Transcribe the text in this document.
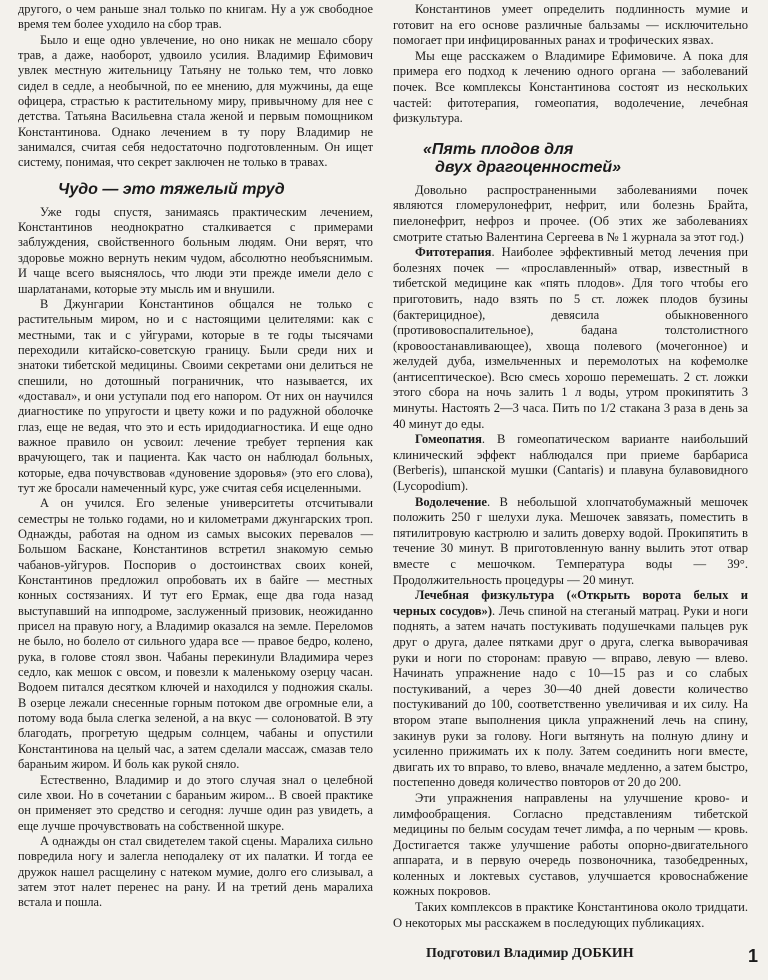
другого, о чем раньше знал только по книгам. Ну а уж свободное время тем более уходило на сбор трав.

Было и еще одно увлечение, но оно никак не мешало сбору трав, а даже, наоборот, удвоило усилия. Владимир Ефимович увлек местную жительницу Татьяну не только тем, что ловко сидел в седле, а необычной, по ее мнению, для мужчины, да еще офицера, страстью к растительному миру, привычному для нее с детства. Татьяна Васильевна стала женой и первым помощником Константинова. Однако лечением в ту пору Владимир не занимался, считая себя недостаточно подготовленным. Он ищет систему, понимая, что секрет заключен не только в травах.

Чудо — это тяжелый труд

Уже годы спустя, занимаясь практическим лечением, Константинов неоднократно сталкивается с примерами заблуждения, свойственного больным людям. Они верят, что здоровье можно вернуть неким чудом, абсолютно необъяснимым. И чаще всего выяснялось, что люди эти прежде имели дело с шарлатанами, которые эту мысль им и внушили.

В Джунгарии Константинов общался не только с растительным миром, но и с настоящими целителями: как с местными, так и с уйгурами, которые в те годы тысячами переходили китайско-советскую границу. Были среди них и знатоки тибетской медицины. Своими секретами они делиться не спешили, но дотошный пограничник, что называется, их «доставал», и они уступали под его напором. От них он научился диагностике по упругости и цвету кожи и по радужной оболочке глаз, еще не ведая, что это и есть иридодиагностика. И еще одно важное правило он усвоил: лечение требует терпения как врачующего, так и пациента. Как часто он наблюдал больных, которые, едва почувствовав «дуновение здоровья» (это его слова), тут же бросали намеченный курс, уже считая себя исцеленными.

А он учился. Его зеленые университеты отсчитывали семестры не только годами, но и километрами джунгарских троп. Однажды, работая на одном из самых высоких перевалов — Большом Баскане, Константинов встретил знакомую семью чабанов-уйгуров. Поспорив о достоинствах своих коней, Константинов предложил опробовать их в байге — местных конных состязаниях. И тут его Ермак, еще два года назад выступавший на ипподроме, заслуженный призовик, неожиданно присел на правую ногу, а Владимир оказался на земле. Переломов не было, но болело от сильного удара все — правое бедро, колено, рука, в голове стоял звон. Чабаны перекинули Владимира через седло, как мешок с овсом, и повезли к маленькому озерцу часан. Водоем питался десятком ключей и находился у подножия скалы. В озерце лежали снесенные горным потоком две огромные ели, а потому вода была слегка зеленой, а на вкус — солоноватой. В эту благодать, прогретую щедрым солнцем, чабаны и опустили Константинова на целый час, а затем сделали массаж, смазав тело бараньим жиром. И боль как рукой сняло.

Естественно, Владимир и до этого случая знал о целебной силе хвои. Но в сочетании с бараньим жиром... В своей практике он применяет это средство и сегодня: лучше один раз увидеть, а еще лучше прочувствовать на собственной шкуре.

А однажды он стал свидетелем такой сцены. Маралиха сильно повредила ногу и залегла неподалеку от их палатки. И тогда ее дружок нашел расщелину с натеком мумие, долго его слизывал, а затем этот налет перенес на рану. И на третий день маралиха встала и пошла.

Константинов умеет определить подлинность мумие и готовит на его основе различные бальзамы — исключительно помогает при инфицированных ранах и трофических язвах.

Мы еще расскажем о Владимире Ефимовиче. А пока для примера его подход к лечению одного органа — заболеваний почек. Все комплексы Константинова состоят из нескольких частей: фитотерапия, гомеопатия, водолечение, лечебная физкультура.

«Пять плодов для
двух драгоценностей»

Довольно распространенными заболеваниями почек являются гломерулонефрит, нефрит, или болезнь Брайта, пиелонефрит, нефроз и прочее. (Об этих же заболеваниях смотрите статью Валентина Сергеева в № 1 журнала за этот год.)

Фитотерапия. Наиболее эффективный метод лечения при болезнях почек — «прославленный» отвар, известный в тибетской медицине как «пять плодов». Для того чтобы его приготовить, надо взять по 5 ст. ложек плодов бузины (бактерицидное), девясила обыкновенного (противовоспалительное), бадана толстолистного (кровоостанавливающее), хвоща полевого (мочегонное) и желудей дуба, измельченных и перемолотых на кофемолке (антисептическое). Всю смесь хорошо перемешать. 2 ст. ложки этого сбора на ночь залить 1 л воды, утром прокипятить 3 минуты. Настоять 2—3 часа. Пить по 1/2 стакана 3 раза в день за 40 минут до еды.

Гомеопатия. В гомеопатическом варианте наибольший клинический эффект наблюдался при приеме барбариса (Berberis), шпанской мушки (Cantaris) и плавуна булавовидного (Lycopodium).

Водолечение. В небольшой хлопчатобумажный мешочек положить 250 г шелухи лука. Мешочек завязать, поместить в пятилитровую кастрюлю и залить доверху водой. Прокипятить в течение 30 минут. В приготовленную ванну вылить этот отвар вместе с мешочком. Температура воды — 39°. Продолжительность процедуры — 20 минут.

Лечебная физкультура («Открыть ворота белых и черных сосудов»). Лечь спиной на стеганый матрац. Руки и ноги поднять, а затем начать постукивать подушечками пальцев рук друг о друга, далее пятками друг о друга, слегка выворачивая руки и ноги по сторонам: правую — вправо, левую — влево. Начинать упражнение надо с 10—15 раз и со слабых постукиваний, а через 30—40 дней довести количество постукиваний до 100, соответственно увеличивая и их силу. На втором этапе выполнения цикла упражнений лечь на спину, закинув руки за голову. Ноги вытянуть на полную длину и усиленно прижимать их к полу. Затем соединить ноги вместе, двигать их то вправо, то влево, вначале медленно, а затем быстро, постепенно доведя количество повторов от 20 до 200.

Эти упражнения направлены на улучшение крово- и лимфообращения. Согласно представлениям тибетской медицины по белым сосудам течет лимфа, а по черным — кровь. Достигается также улучшение работы опорно-двигательного аппарата, и в первую очередь позвоночника, тазобедренных, коленных и локтевых суставов, улучшается кровоснабжение кожных покровов.

Таких комплексов в практике Константинова около тридцати. О некоторых мы расскажем в последующих публикациях.

Подготовил Владимир ДОБКИН	1
